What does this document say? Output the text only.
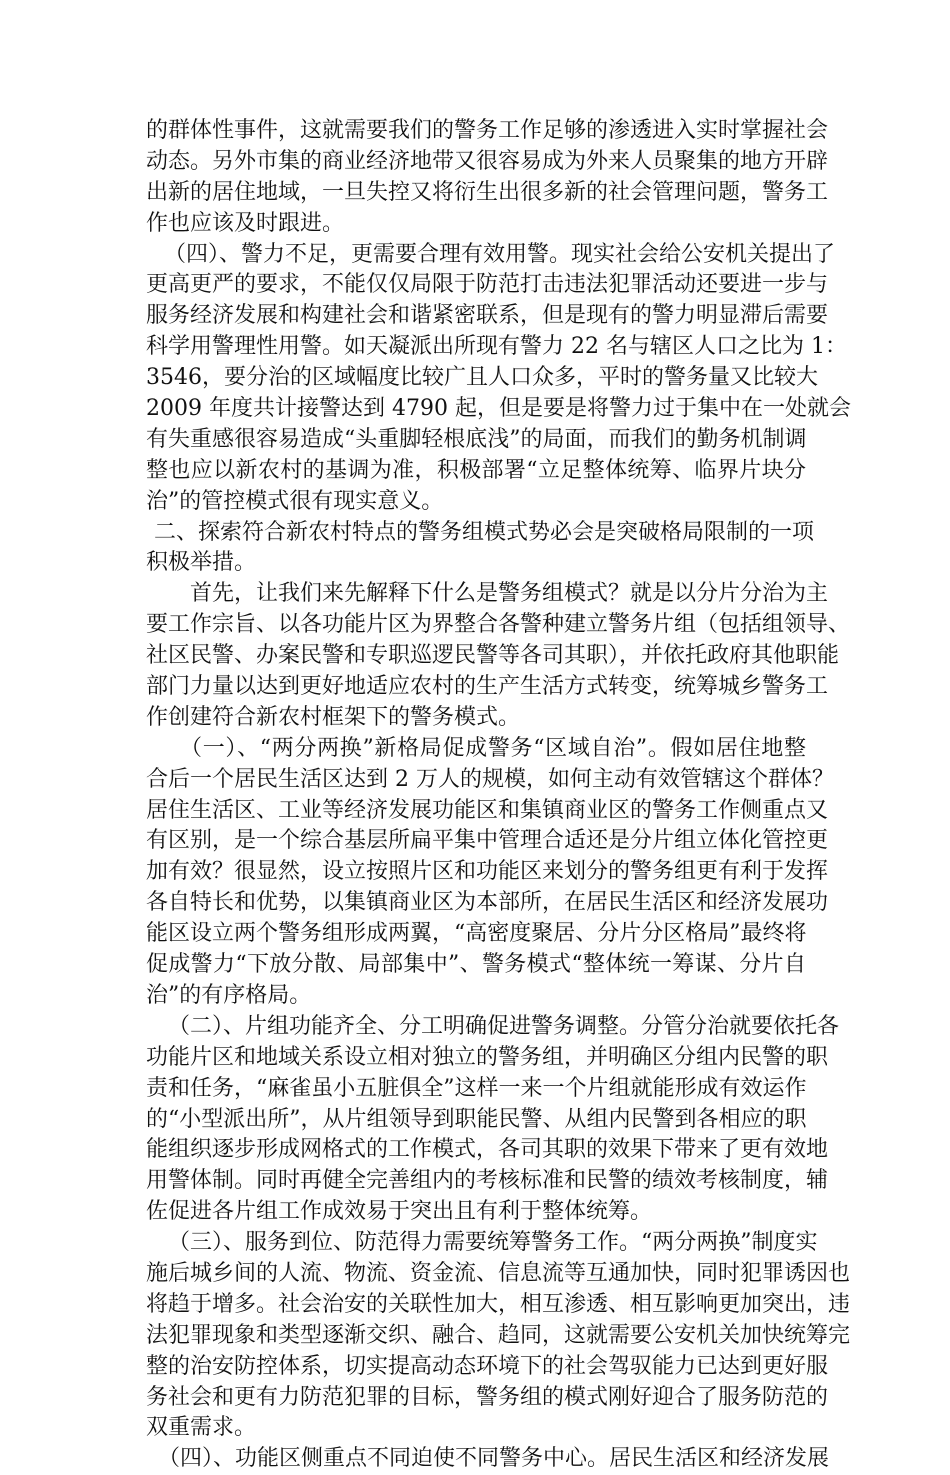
的群体性事件，这就需要我们的警务工作足够的渗透进入实时掌握社会
动态。另外市集的商业经济地带又很容易成为外来人员聚集的地方开辟
出新的居住地域，一旦失控又将衍生出很多新的社会管理问题，警务工
作也应该及时跟进。
（四）、警力不足，更需要合理有效用警。现实社会给公安机关提出了
更高更严的要求，不能仅仅局限于防范打击违法犯罪活动还要进一步与
服务经济发展和构建社会和谐紧密联系，但是现有的警力明显滞后需要
科学用警理性用警。如天凝派出所现有警力 22 名与辖区人口之比为 1：
3546，要分治的区域幅度比较广且人口众多，平时的警务量又比较大
2009 年度共计接警达到 4790 起，但是要是将警力过于集中在一处就会
有失重感很容易造成“头重脚轻根底浅”的局面，而我们的勤务机制调
整也应以新农村的基调为准，积极部署“立足整体统筹、临界片块分
治”的管控模式很有现实意义。
二、探索符合新农村特点的警务组模式势必会是突破格局限制的一项
积极举措。
首先，让我们来先解释下什么是警务组模式？就是以分片分治为主
要工作宗旨、以各功能片区为界整合各警种建立警务片组（包括组领导、
社区民警、办案民警和专职巡逻民警等各司其职），并依托政府其他职能
部门力量以达到更好地适应农村的生产生活方式转变，统筹城乡警务工
作创建符合新农村框架下的警务模式。
（一）、“两分两换”新格局促成警务“区域自治”。假如居住地整
合后一个居民生活区达到 2 万人的规模，如何主动有效管辖这个群体？
居住生活区、工业等经济发展功能区和集镇商业区的警务工作侧重点又
有区别，是一个综合基层所扁平集中管理合适还是分片组立体化管控更
加有效？很显然，设立按照片区和功能区来划分的警务组更有利于发挥
各自特长和优势，以集镇商业区为本部所，在居民生活区和经济发展功
能区设立两个警务组形成两翼，“高密度聚居、分片分区格局”最终将
促成警力“下放分散、局部集中”、警务模式“整体统一筹谋、分片自
治”的有序格局。
（二）、片组功能齐全、分工明确促进警务调整。分管分治就要依托各
功能片区和地域关系设立相对独立的警务组，并明确区分组内民警的职
责和任务，“麻雀虽小五脏俱全”这样一来一个片组就能形成有效运作
的“小型派出所”，从片组领导到职能民警、从组内民警到各相应的职
能组织逐步形成网格式的工作模式，各司其职的效果下带来了更有效地
用警体制。同时再健全完善组内的考核标准和民警的绩效考核制度，辅
佐促进各片组工作成效易于突出且有利于整体统筹。
（三）、服务到位、防范得力需要统筹警务工作。“两分两换”制度实
施后城乡间的人流、物流、资金流、信息流等互通加快，同时犯罪诱因也
将趋于增多。社会治安的关联性加大，相互渗透、相互影响更加突出，违
法犯罪现象和类型逐渐交织、融合、趋同，这就需要公安机关加快统筹完
整的治安防控体系，切实提高动态环境下的社会驾驭能力已达到更好服
务社会和更有力防范犯罪的目标，警务组的模式刚好迎合了服务防范的
双重需求。
（四）、功能区侧重点不同迫使不同警务中心。居民生活区和经济发展
